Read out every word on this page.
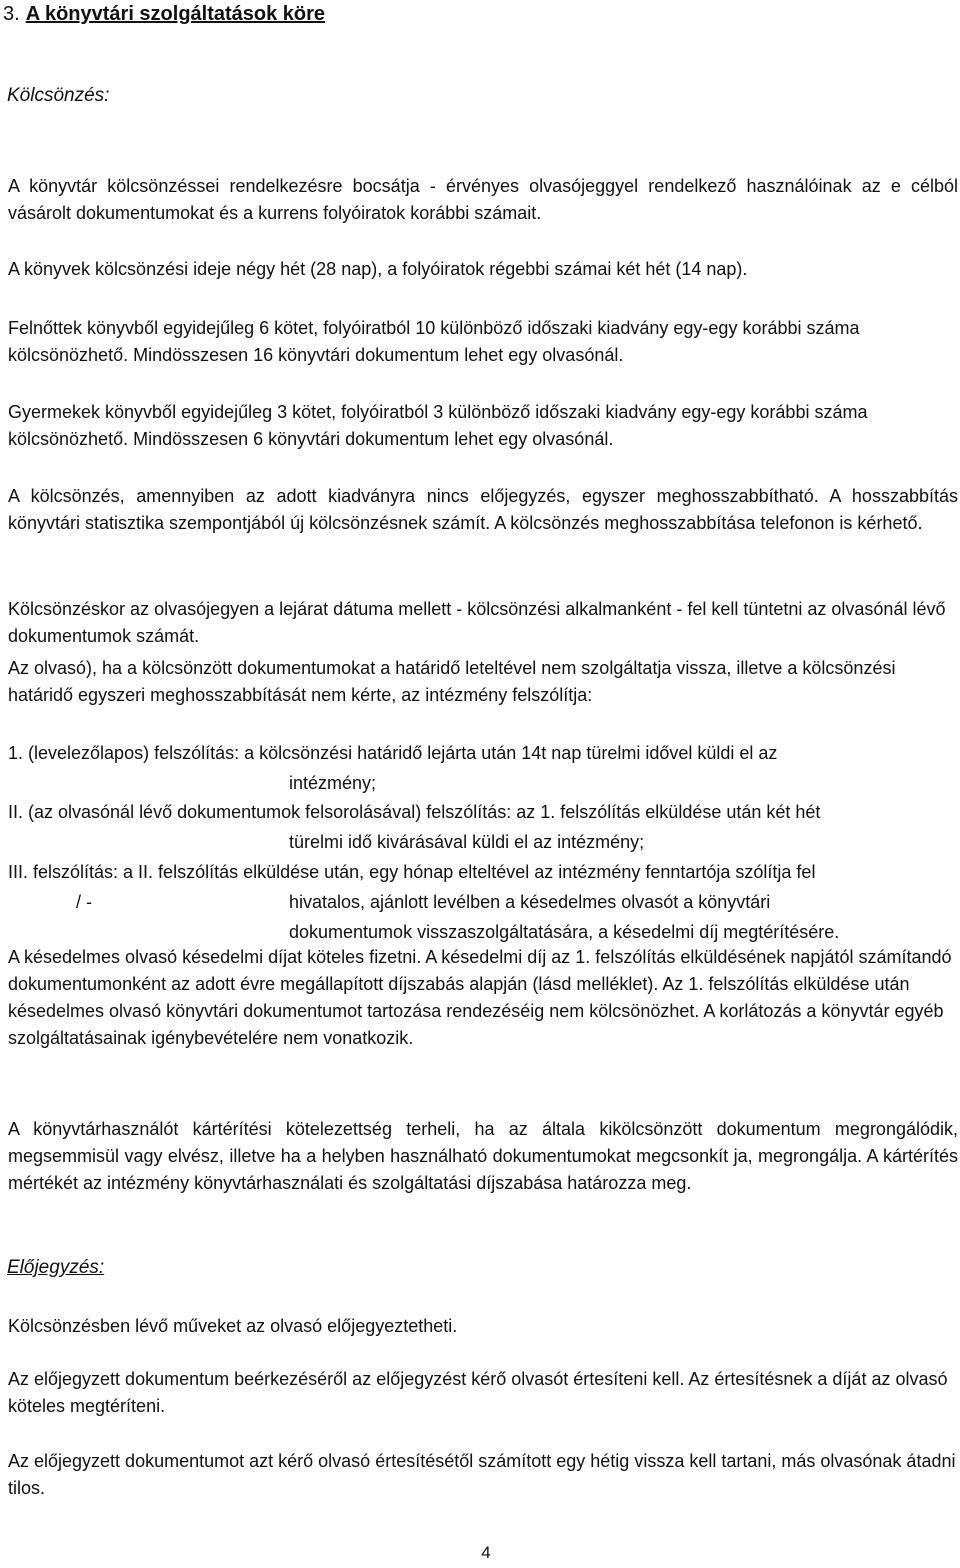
3. A könyvtári szolgáltatások köre

Kölcsönzés:

A könyvtár kölcsönzéssei rendelkezésre bocsátja - érvényes olvasójeggyel rendelkező használóinak az e célból vásárolt dokumentumokat és a kurrens folyóiratok korábbi számait.

A könyvek kölcsönzési ideje négy hét (28 nap), a folyóiratok régebbi számai két hét (14 nap).

Felnőttek könyvből egyidejűleg 6 kötet, folyóiratból 10 különböző időszaki kiadvány egy-egy korábbi száma kölcsönözhető. Mindösszesen 16 könyvtári dokumentum lehet egy olvasónál.

Gyermekek könyvből egyidejűleg 3 kötet, folyóiratból 3 különböző időszaki kiadvány egy-egy korábbi száma kölcsönözhető. Mindösszesen 6 könyvtári dokumentum lehet egy olvasónál.

A kölcsönzés, amennyiben az adott kiadványra nincs előjegyzés, egyszer meghosszabbítható. A hosszabbítás könyvtári statisztika szempontjából új kölcsönzésnek számít. A kölcsönzés meghosszabbítása telefonon is kérhető.

Kölcsönzéskor az olvasójegyen a lejárat dátuma mellett - kölcsönzési alkalmanként - fel kell tüntetni az olvasónál lévő dokumentumok számát.

Az olvasó), ha a kölcsönzött dokumentumokat a határidő leteltével nem szolgáltatja vissza, illetve a kölcsönzési határidő egyszeri meghosszabbítását nem kérte, az intézmény felszólítja:

1. (levelezőlapos) felszólítás: a kölcsönzési határidő lejárta után 14t nap türelmi idővel küldi el az
intézmény;
II. (az olvasónál lévő dokumentumok felsorolásával) felszólítás: az 1. felszólítás elküldése után két hét
türelmi idő kivárásával küldi el az intézmény;
III. felszólítás: a II. felszólítás elküldése után, egy hónap elteltével az intézmény fenntartója szólítja fel
/ -	hivatalos, ajánlott levélben a késedelmes olvasót a könyvtári
dokumentumok visszaszolgáltatására, a késedelmi díj megtérítésére.

A késedelmes olvasó késedelmi díjat köteles fizetni. A késedelmi díj az 1. felszólítás elküldésének napjától számítandó dokumentumonként az adott évre megállapított díjszabás alapján (lásd melléklet). Az 1. felszólítás elküldése után késedelmes olvasó könyvtári dokumentumot tartozása rendezéséig nem kölcsönözhet. A korlátozás a könyvtár egyéb szolgáltatásainak igénybevételére nem vonatkozik.

A könyvtárhasználót kártérítési kötelezettség terheli, ha az általa kikölcsönzött dokumentum megrongálódik, megsemmisül vagy elvész, illetve ha a helyben használható dokumentumokat megcsonkít ja, megrongálja. A kártérítés mértékét az intézmény könyvtárhasználati és szolgáltatási díjszabása határozza meg.

Előjegyzés:

Kölcsönzésben lévő műveket az olvasó előjegyeztetheti.

Az előjegyzett dokumentum beérkezéséről az előjegyzést kérő olvasót értesíteni kell. Az értesítésnek a díját az olvasó köteles megtéríteni.

Az előjegyzett dokumentumot azt kérő olvasó értesítésétől számított egy hétig vissza kell tartani, más olvasónak átadni tilos.

4
